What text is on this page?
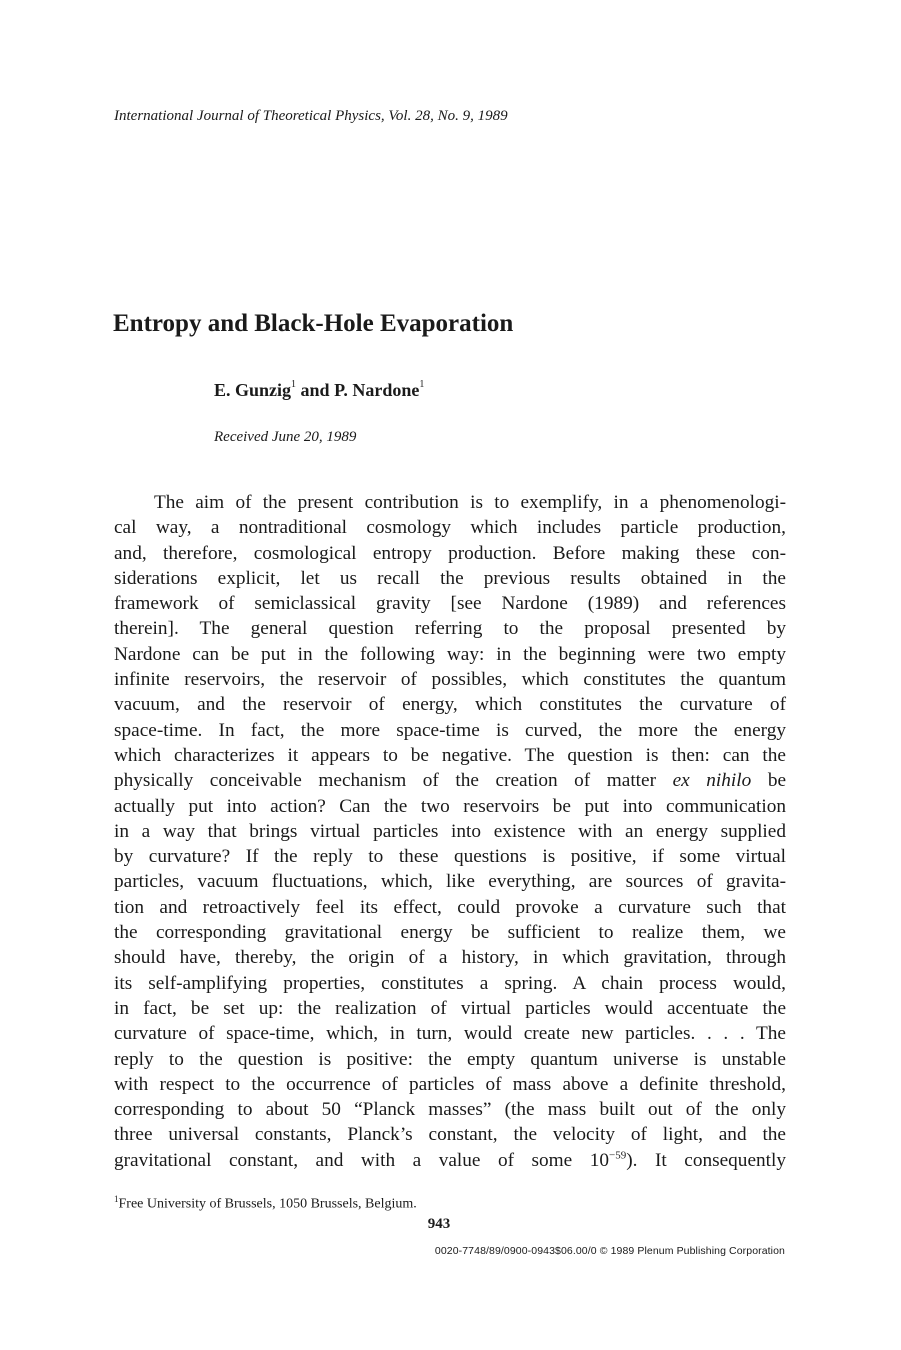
International Journal of Theoretical Physics, Vol. 28, No. 9, 1989
Entropy and Black-Hole Evaporation
E. Gunzig$^1$ and P. Nardone$^1$
Received June 20, 1989
The aim of the present contribution is to exemplify, in a phenomenologi-
cal way, a nontraditional cosmology which includes particle production,
and, therefore, cosmological entropy production. Before making these con-
siderations explicit, let us recall the previous results obtained in the
framework of semiclassical gravity [see Nardone (1989) and references
therein]. The general question referring to the proposal presented by
Nardone can be put in the following way: in the beginning were two empty
infinite reservoirs, the reservoir of possibles, which constitutes the quantum
vacuum, and the reservoir of energy, which constitutes the curvature of
space-time. In fact, the more space-time is curved, the more the energy
which characterizes it appears to be negative. The question is then: can the
physically conceivable mechanism of the creation of matter ex nihilo be
actually put into action? Can the two reservoirs be put into communication
in a way that brings virtual particles into existence with an energy supplied
by curvature? If the reply to these questions is positive, if some virtual
particles, vacuum fluctuations, which, like everything, are sources of gravita-
tion and retroactively feel its effect, could provoke a curvature such that
the corresponding gravitational energy be sufficient to realize them, we
should have, thereby, the origin of a history, in which gravitation, through
its self-amplifying properties, constitutes a spring. A chain process would,
in fact, be set up: the realization of virtual particles would accentuate the
curvature of space-time, which, in turn, would create new particles. . . . The
reply to the question is positive: the empty quantum universe is unstable
with respect to the occurrence of particles of mass above a definite threshold,
corresponding to about 50 “Planck masses” (the mass built out of the only
three universal constants, Planck’s constant, the velocity of light, and the
gravitational constant, and with a value of some $10^{-59}$). It consequently
$^1$Free University of Brussels, 1050 Brussels, Belgium.
943
0020-7748/89/0900-0943$06.00/0 © 1989 Plenum Publishing Corporation
